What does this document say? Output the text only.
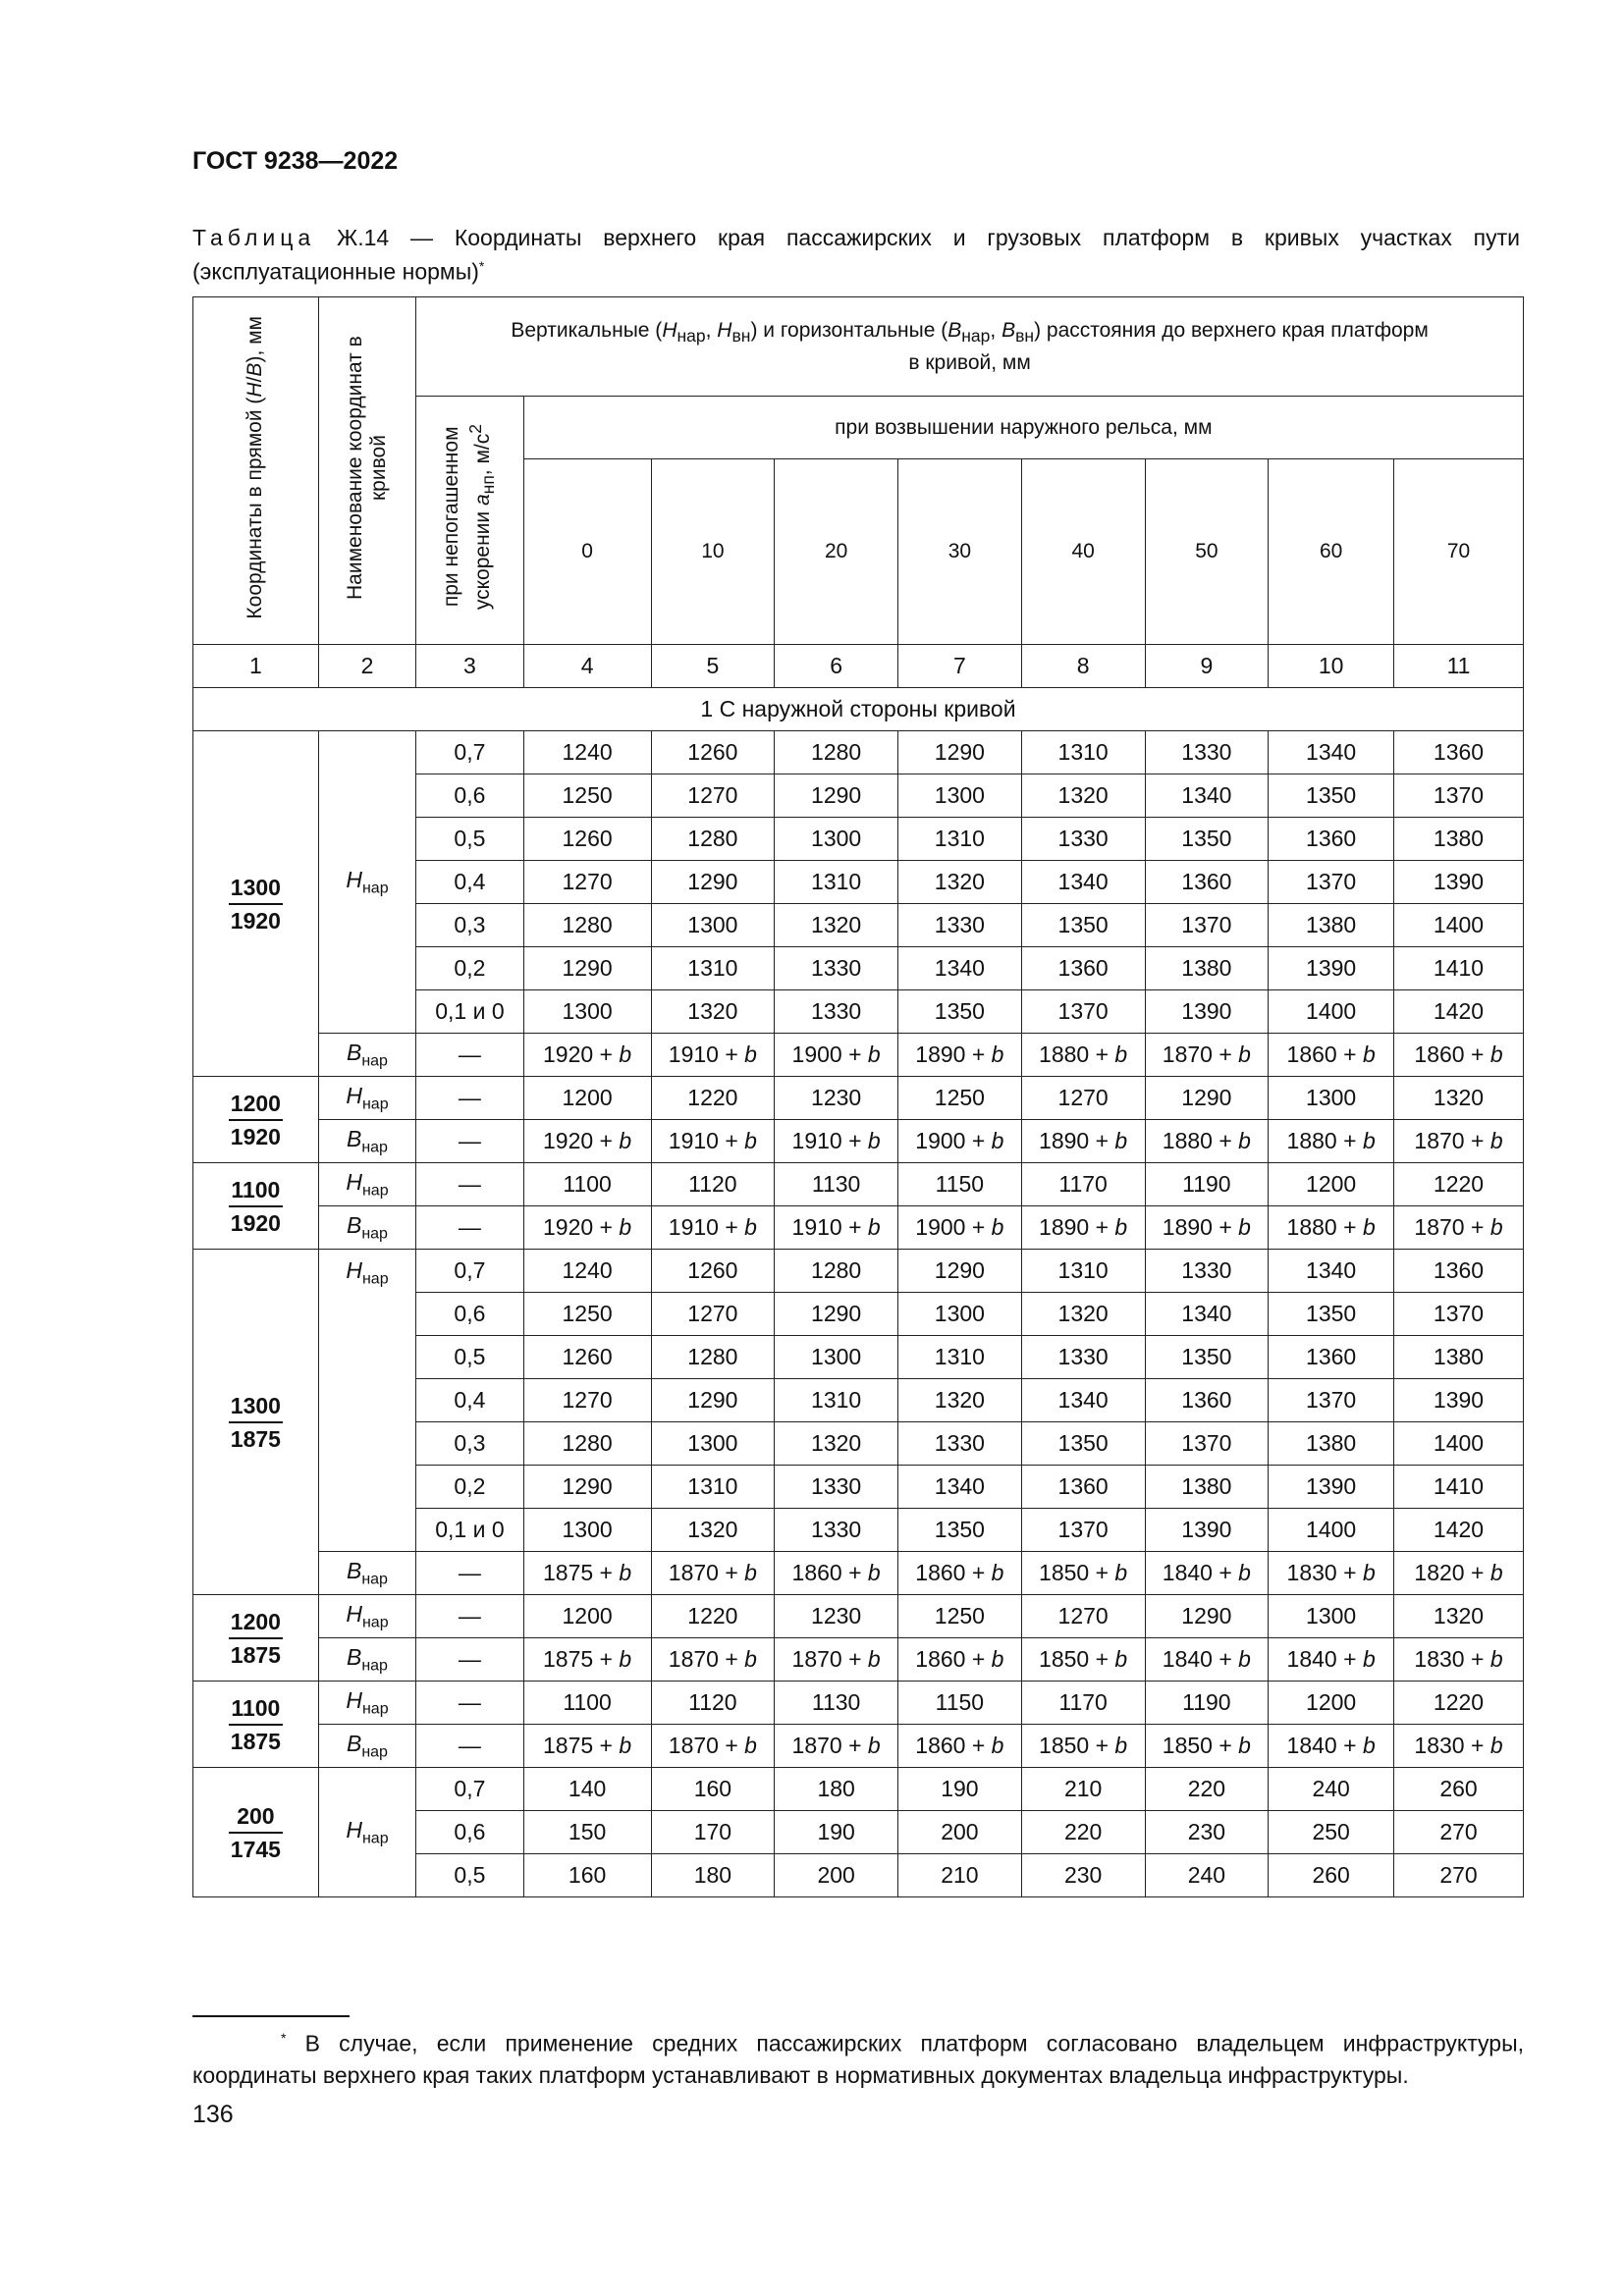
ГОСТ 9238—2022
Таблица Ж.14 — Координаты верхнего края пассажирских и грузовых платформ в кривых участках пути (эксплуатационные нормы)*
Координаты в прямой (H/B), мм	Наименование координат в кривой	Вертикальные ($H_{нар}$, $H_{вн}$) и горизонтальные ($B_{нар}$, $B_{вн}$) расстояния до верхнего края платформ
в кривой, мм								
		при непогашенном ускорении $a_{нп}$, $м/с^2$	при возвышении наружного рельса, мм							
			0	10	20	30	40	50	60	70
1	2	3	4	5	6	7	8	9	10	11
1 С наружной стороны кривой										

$\frac{1300}{1920}$	$H_{нар}$	0,7	1240	1260	1280	1290	1310	1330	1340	1360
		0,6	1250	1270	1290	1300	1320	1340	1350	1370
		0,5	1260	1280	1300	1310	1330	1350	1360	1380
		0,4	1270	1290	1310	1320	1340	1360	1370	1390
		0,3	1280	1300	1320	1330	1350	1370	1380	1400
		0,2	1290	1310	1330	1340	1360	1380	1390	1410
		0,1 и 0	1300	1320	1330	1350	1370	1390	1400	1420
	$B_{нар}$	—	1920 + b	1910 + b	1900 + b	1890 + b	1880 + b	1870 + b	1860 + b	1860 + b

$\frac{1200}{1920}$	$H_{нар}$	—	1200	1220	1230	1250	1270	1290	1300	1320
	$B_{нар}$	—	1920 + b	1910 + b	1910 + b	1900 + b	1890 + b	1880 + b	1880 + b	1870 + b

$\frac{1100}{1920}$	$H_{нар}$	—	1100	1120	1130	1150	1170	1190	1200	1220
	$B_{нар}$	—	1920 + b	1910 + b	1910 + b	1900 + b	1890 + b	1890 + b	1880 + b	1870 + b

$\frac{1300}{1875}$	$H_{нар}$	0,7	1240	1260	1280	1290	1310	1330	1340	1360
		0,6	1250	1270	1290	1300	1320	1340	1350	1370
		0,5	1260	1280	1300	1310	1330	1350	1360	1380
		0,4	1270	1290	1310	1320	1340	1360	1370	1390
		0,3	1280	1300	1320	1330	1350	1370	1380	1400
		0,2	1290	1310	1330	1340	1360	1380	1390	1410
		0,1 и 0	1300	1320	1330	1350	1370	1390	1400	1420
	$B_{нар}$	—	1875 + b	1870 + b	1860 + b	1860 + b	1850 + b	1840 + b	1830 + b	1820 + b

$\frac{1200}{1875}$	$H_{нар}$	—	1200	1220	1230	1250	1270	1290	1300	1320
	$B_{нар}$	—	1875 + b	1870 + b	1870 + b	1860 + b	1850 + b	1840 + b	1840 + b	1830 + b

$\frac{1100}{1875}$	$H_{нар}$	—	1100	1120	1130	1150	1170	1190	1200	1220
	$B_{нар}$	—	1875 + b	1870 + b	1870 + b	1860 + b	1850 + b	1850 + b	1840 + b	1830 + b

$\frac{200}{1745}$	$H_{нар}$	0,7	140	160	180	190	210	220	240	260
		0,6	150	170	190	200	220	230	250	270
		0,5	160	180	200	210	230	240	260	270
* В случае, если применение средних пассажирских платформ согласовано владельцем инфраструктуры, координаты верхнего края таких платформ устанавливают в нормативных документах владельца инфраструктуры.
136
